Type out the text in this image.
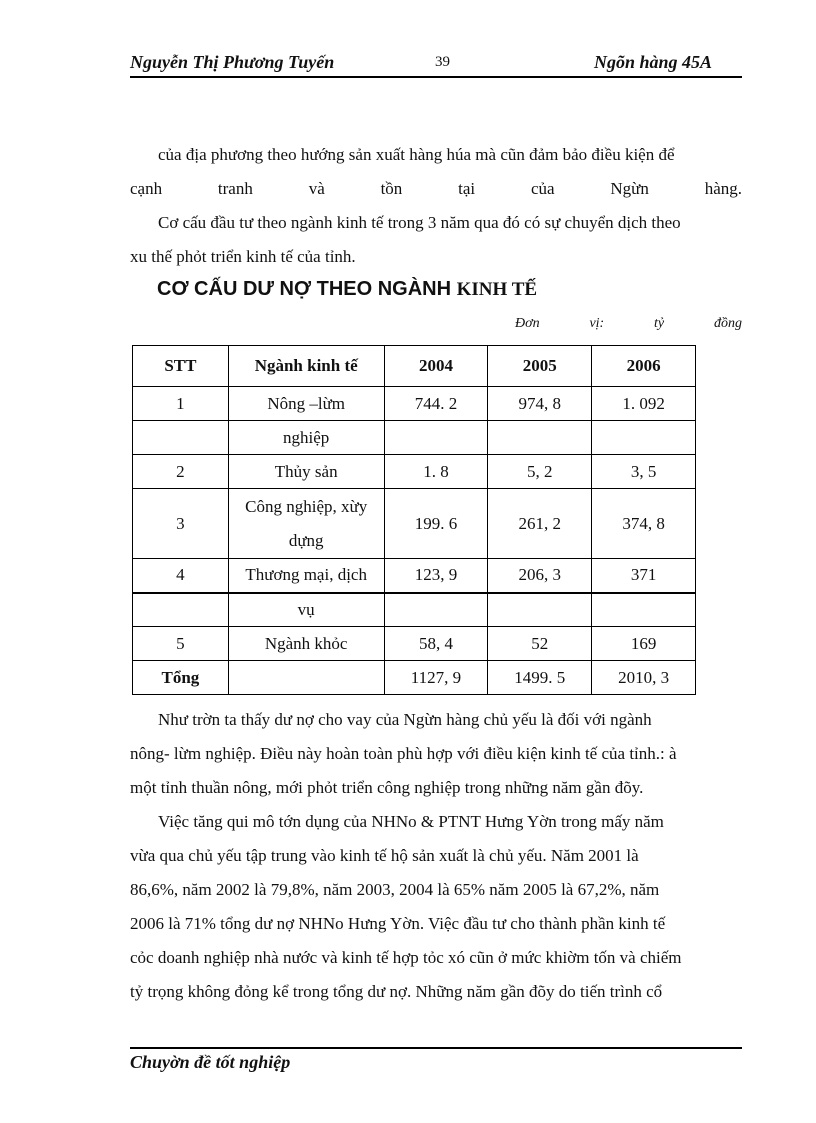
Nguyễn Thị Phương Tuyến	39	Ngõn hàng 45A
của địa phương theo hướng sản xuất hàng húa mà cũn đảm bảo điều kiện để
cạnh	tranh	và	tồn	tại	của	Ngừn	hàng.
Cơ cấu đầu tư theo ngành kinh tế trong 3 năm qua đó có sự chuyển dịch theo
xu thế phỏt triển kinh tế của tỉnh.
CƠ CẤU DƯ NỢ THEO NGÀNH KINH TẾ
Đơn	vị:	tỷ	đồng
STT	Ngành kinh tế	2004	2005	2006
1	Nông –lừm	744. 2	974, 8	1. 092
	nghiệp			
2	Thủy sản	1. 8	5, 2	3, 5
3	Công nghiệp, xừy dựng	199. 6	261, 2	374, 8
4	Thương mại, dịch	123, 9	206, 3	371
	vụ			
5	Ngành khỏc	58, 4	52	169
Tổng		1127, 9	1499. 5	2010, 3
Như trờn ta thấy dư nợ cho vay của Ngừn hàng chủ yếu là đối với ngành
nông- lừm nghiệp. Điều này hoàn toàn phù hợp với điều kiện kinh tế của tỉnh.: à
một tỉnh thuần nông, mới phỏt triển công nghiệp trong những năm gần đõy.
Việc tăng qui mô tớn dụng của NHNo & PTNT Hưng Yờn trong mấy năm
vừa qua chủ yếu tập trung vào kinh tế hộ sản xuất là chủ yếu. Năm 2001 là
86,6%, năm 2002 là 79,8%, năm 2003, 2004 là 65% năm 2005 là 67,2%, năm
2006 là 71% tổng dư nợ NHNo Hưng Yờn. Việc đầu tư cho thành phần kinh tế
cỏc doanh nghiệp nhà nước và kinh tế hợp tỏc xó cũn ở mức khiờm tốn và chiếm
tỷ trọng không đỏng kể trong tổng dư nợ. Những năm gần đõy do tiến trình cổ
Chuyờn đề tốt nghiệp
